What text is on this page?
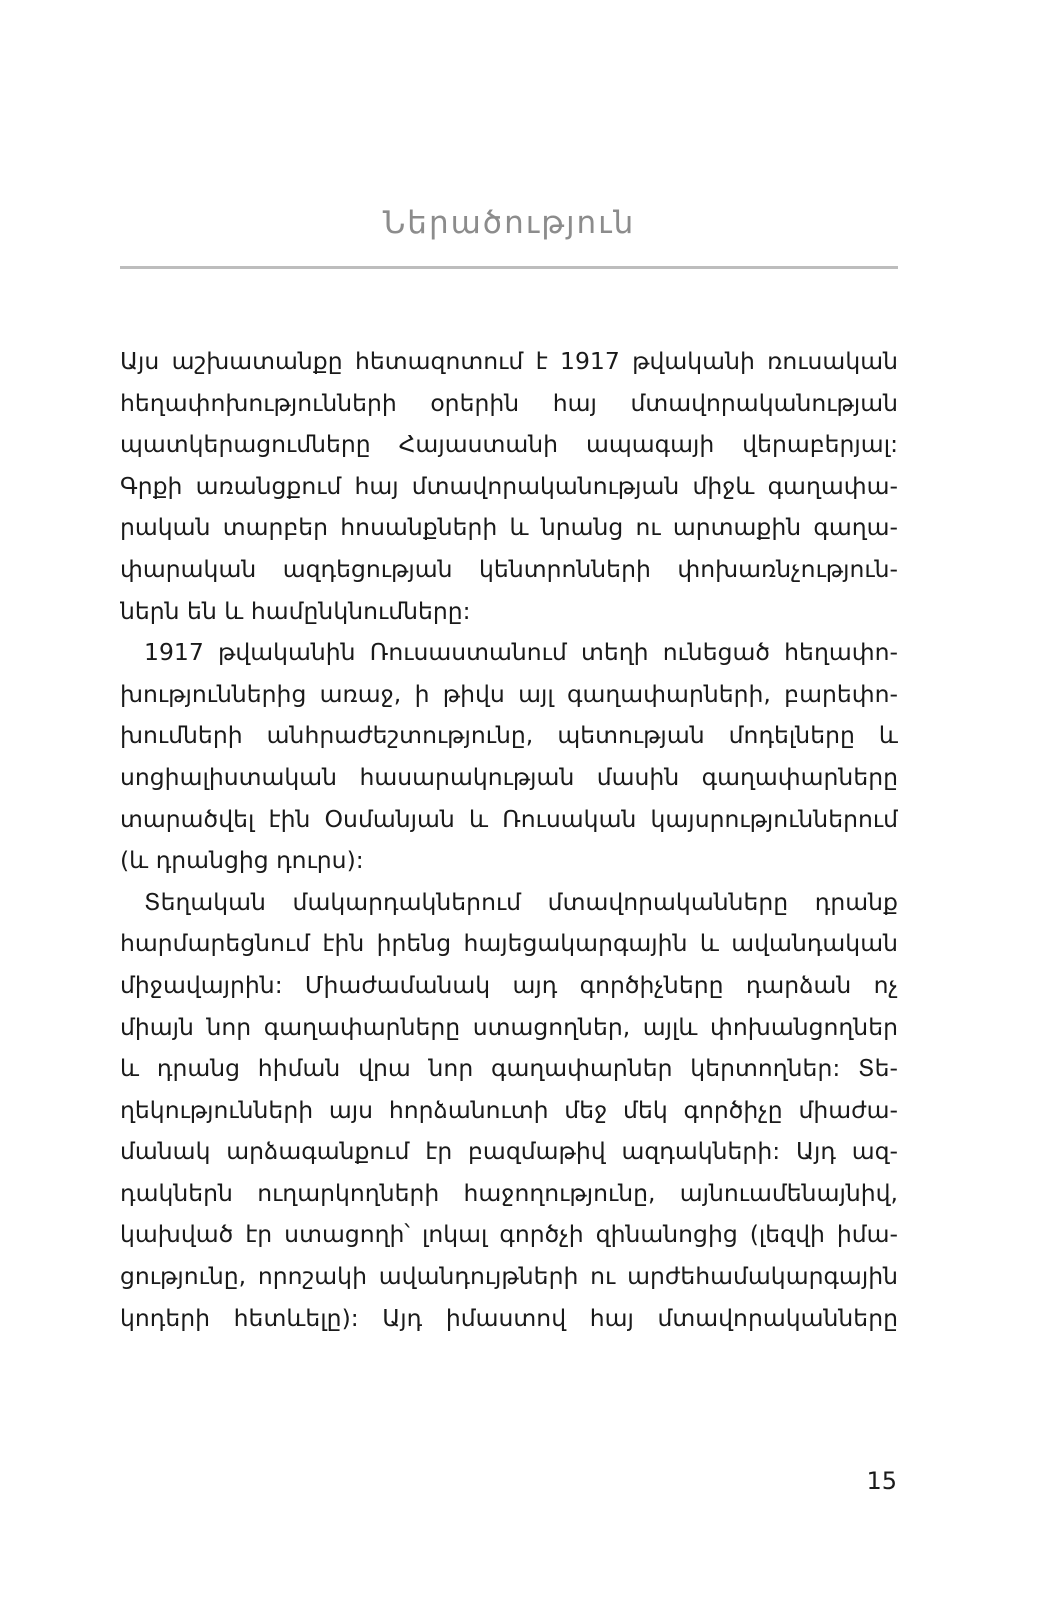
Ներածություն
Այս աշխատանքը հետազոտում է 1917 թվականի ռուսական
հեղափոխությունների օրերին հայ մտավորականության
պատկերացումները Հայաստանի ապագայի վերաբերյալ:
Գրքի առանցքում հայ մտավորականության միջև գաղափա-
րական տարբեր հոսանքների և նրանց ու արտաքին գաղա-
փարական ազդեցության կենտրոնների փոխառնչություն-
ներն են և համընկնումները:
1917 թվականին Ռուսաստանում տեղի ունեցած հեղափո-
խություններից առաջ, ի թիվս այլ գաղափարների, բարեփո-
խումների անհրաժեշտությունը, պետության մոդելները և
սոցիալիստական հասարակության մասին գաղափարները
տարածվել էին Օսմանյան և Ռուսական կայսրություններում
(և դրանցից դուրս):
Տեղական մակարդակներում մտավորականները դրանք
հարմարեցնում էին իրենց հայեցակարգային և ավանդական
միջավայրին: Միաժամանակ այդ գործիչները դարձան ոչ
միայն նոր գաղափարները ստացողներ, այլև փոխանցողներ
և դրանց հիման վրա նոր գաղափարներ կերտողներ: Տե-
ղեկությունների այս հորձանուտի մեջ մեկ գործիչը միաժա-
մանակ արձագանքում էր բազմաթիվ ազդակների: Այդ ազ-
դակներն ուղարկողների հաջողությունը, այնուամենայնիվ,
կախված էր ստացողի՝ լոկալ գործչի զինանոցից (լեզվի իմա-
ցությունը, որոշակի ավանդույթների ու արժեհամակարգային
կոդերի հետևելը): Այդ իմաստով հայ մտավորականները
15
